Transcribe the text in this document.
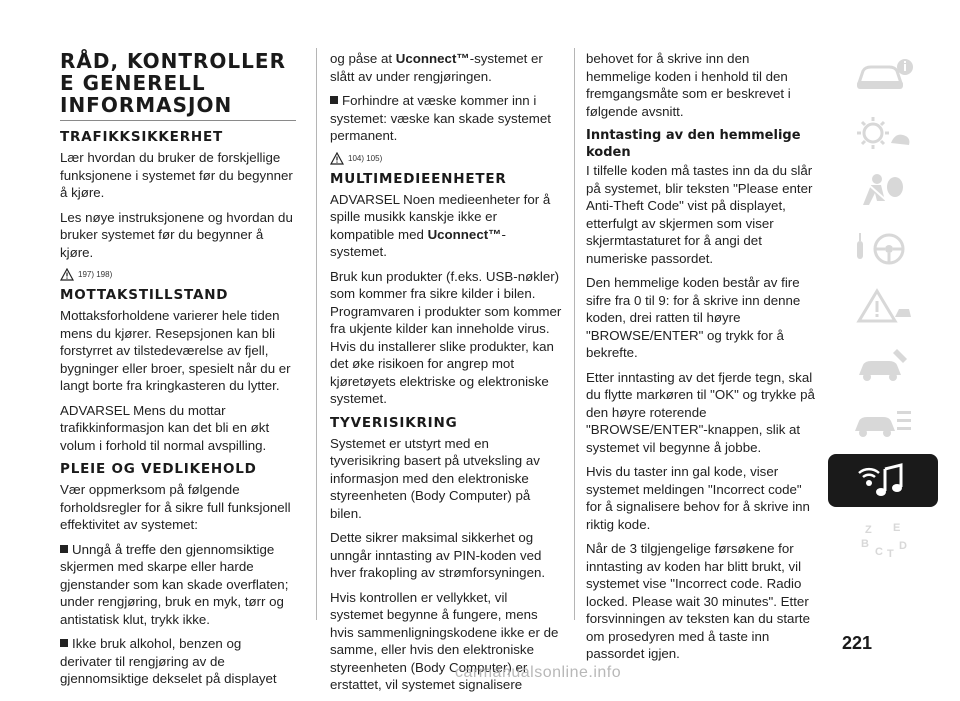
RÅD, KONTROLLER
E GENERELL
INFORMASJON
TRAFIKKSIKKERHET

Lær hvordan du bruker de forskjellige funksjonene i systemet før du begynner å kjøre.

Les nøye instruksjonene og hvordan du bruker systemet før du begynner å kjøre.

197) 198)
MOTTAKSTILLSTAND

Mottaksforholdene varierer hele tiden mens du kjører. Resepsjonen kan bli forstyrret av tilstedeværelse av fjell, bygninger eller broer, spesielt når du er langt borte fra kringkasteren du lytter.

ADVARSEL Mens du mottar trafikkinformasjon kan det bli en økt volum i forhold til normal avspilling.

PLEIE OG VEDLIKEHOLD

Vær oppmerksom på følgende forholdsregler for å sikre full funksjonell effektivitet av systemet:

Unngå å treffe den gjennomsiktige skjermen med skarpe eller harde gjenstander som kan skade overflaten; under rengjøring, bruk en myk, tørr og antistatisk klut, trykk ikke.

Ikke bruk alkohol, benzen og derivater til rengjøring av de gjennomsiktige dekselet på displayet

og påse at Uconnect™-systemet er slått av under rengjøringen.

Forhindre at væske kommer inn i systemet: væske kan skade systemet permanent.

104) 105)
MULTIMEDIEENHETER

ADVARSEL Noen medieenheter for å spille musikk kanskje ikke er kompatible med Uconnect™-systemet.

Bruk kun produkter (f.eks. USB-nøkler) som kommer fra sikre kilder i bilen. Programvaren i produkter som kommer fra ukjente kilder kan inneholde virus. Hvis du installerer slike produkter, kan det øke risikoen for angrep mot kjøretøyets elektriske og elektroniske systemet.

TYVERISIKRING

Systemet er utstyrt med en tyverisikring basert på utveksling av informasjon med den elektroniske styreenheten (Body Computer) på bilen.

Dette sikrer maksimal sikkerhet og unngår inntasting av PIN-koden ved hver frakopling av strømforsyningen.

Hvis kontrollen er vellykket, vil systemet begynne å fungere, mens hvis sammenligningskodene ikke er de samme, eller hvis den elektroniske styreenheten (Body Computer) er erstattet, vil systemet signalisere

behovet for å skrive inn den hemmelige koden i henhold til den fremgangsmåte som er beskrevet i følgende avsnitt.

Inntasting av den hemmelige koden

I tilfelle koden må tastes inn da du slår på systemet, blir teksten "Please enter Anti-Theft Code" vist på displayet, etterfulgt av skjermen som viser skjermtastaturet for å angi det numeriske passordet.

Den hemmelige koden består av fire sifre fra 0 til 9: for å skrive inn denne koden, drei ratten til høyre "BROWSE/ENTER" og trykk for å bekrefte.

Etter inntasting av det fjerde tegn, skal du flytte markøren til "OK" og trykke på den høyre roterende "BROWSE/ENTER"-knappen, slik at systemet vil begynne å jobbe.

Hvis du taster inn gal kode, viser systemet meldingen "Incorrect code" for å signalisere behov for å skrive inn riktig kode.

Når de 3 tilgjengelige førsøkene for inntasting av koden har blitt brukt, vil systemet vise "Incorrect code. Radio locked. Please wait 30 minutes". Etter forsvinningen av teksten kan du starte om prosedyren med å taste inn passordet igjen.

Z E
B
C D
T
221
carmanualsonline.info
